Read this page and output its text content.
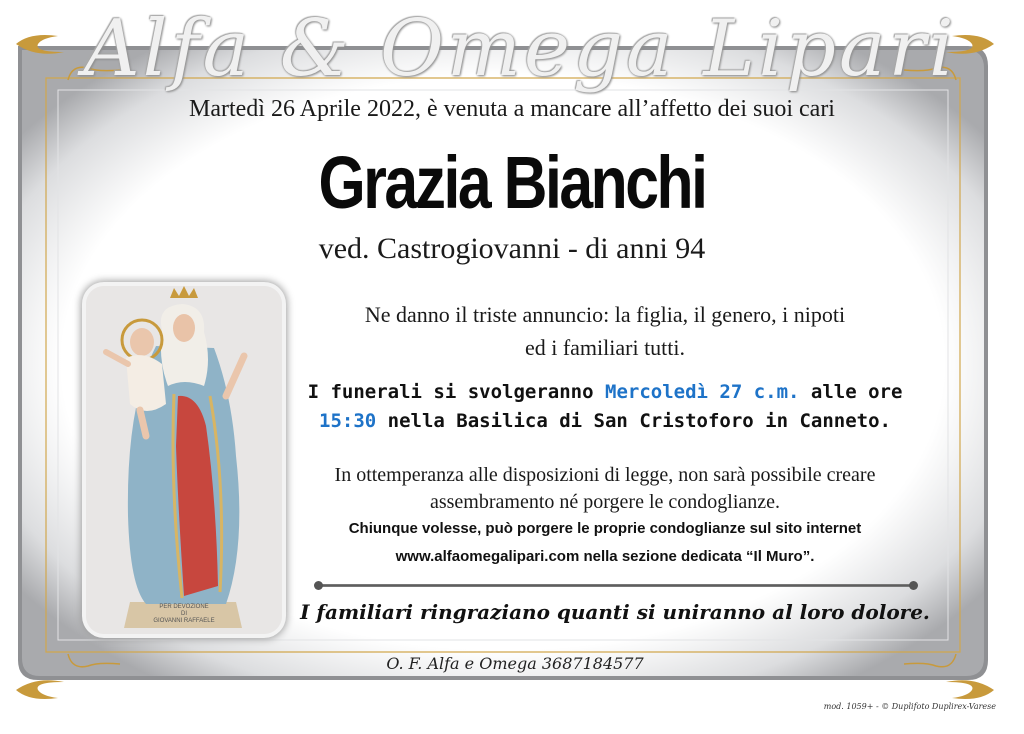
Alfa & Omega Lipari
Martedì 26 Aprile 2022, è venuta a mancare all’affetto dei suoi cari
Grazia Bianchi
ved. Castrogiovanni - di anni 94
PER DEVOZIONE
DI
GIOVANNI RAFFAELE
Ne danno il triste annuncio: la figlia, il genero, i nipoti
ed i familiari tutti.
I funerali si svolgeranno Mercoledì 27 c.m. alle ore
15:30 nella Basilica di San Cristoforo in Canneto.
In ottemperanza alle disposizioni di legge, non sarà possibile creare
assembramento né porgere le condoglianze.
Chiunque volesse, può porgere le proprie condoglianze sul sito internet
www.alfaomegalipari.com nella sezione dedicata “Il Muro”.
I familiari ringraziano quanti si uniranno al loro dolore.
O. F. Alfa e Omega 3687184577
mod. 1059+ - © Duplifoto Duplirex-Varese
